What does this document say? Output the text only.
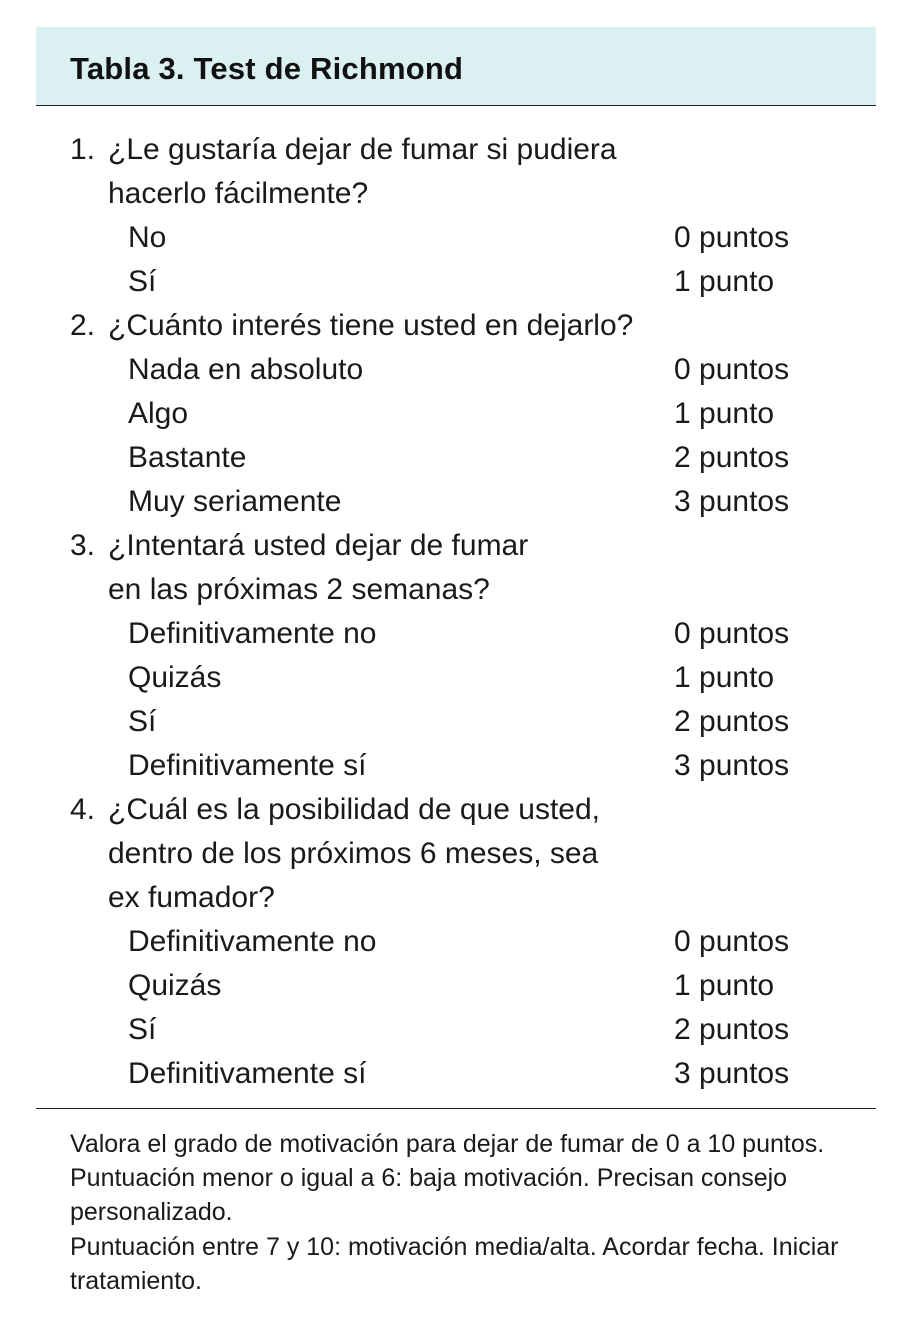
Tabla 3. Test de Richmond
1. ¿Le gustaría dejar de fumar si pudiera
hacerlo fácilmente?
No	0 puntos
Sí	1 punto
2. ¿Cuánto interés tiene usted en dejarlo?
Nada en absoluto	0 puntos
Algo	1 punto
Bastante	2 puntos
Muy seriamente	3 puntos
3. ¿Intentará usted dejar de fumar
en las próximas 2 semanas?
Definitivamente no	0 puntos
Quizás	1 punto
Sí	2 puntos
Definitivamente sí	3 puntos
4. ¿Cuál es la posibilidad de que usted,
dentro de los próximos 6 meses, sea
ex fumador?
Definitivamente no	0 puntos
Quizás	1 punto
Sí	2 puntos
Definitivamente sí	3 puntos

Valora el grado de motivación para dejar de fumar de 0 a 10 puntos.

Puntuación menor o igual a 6: baja motivación. Precisan consejo personalizado.

Puntuación entre 7 y 10: motivación media/alta. Acordar fecha. Iniciar tratamiento.
